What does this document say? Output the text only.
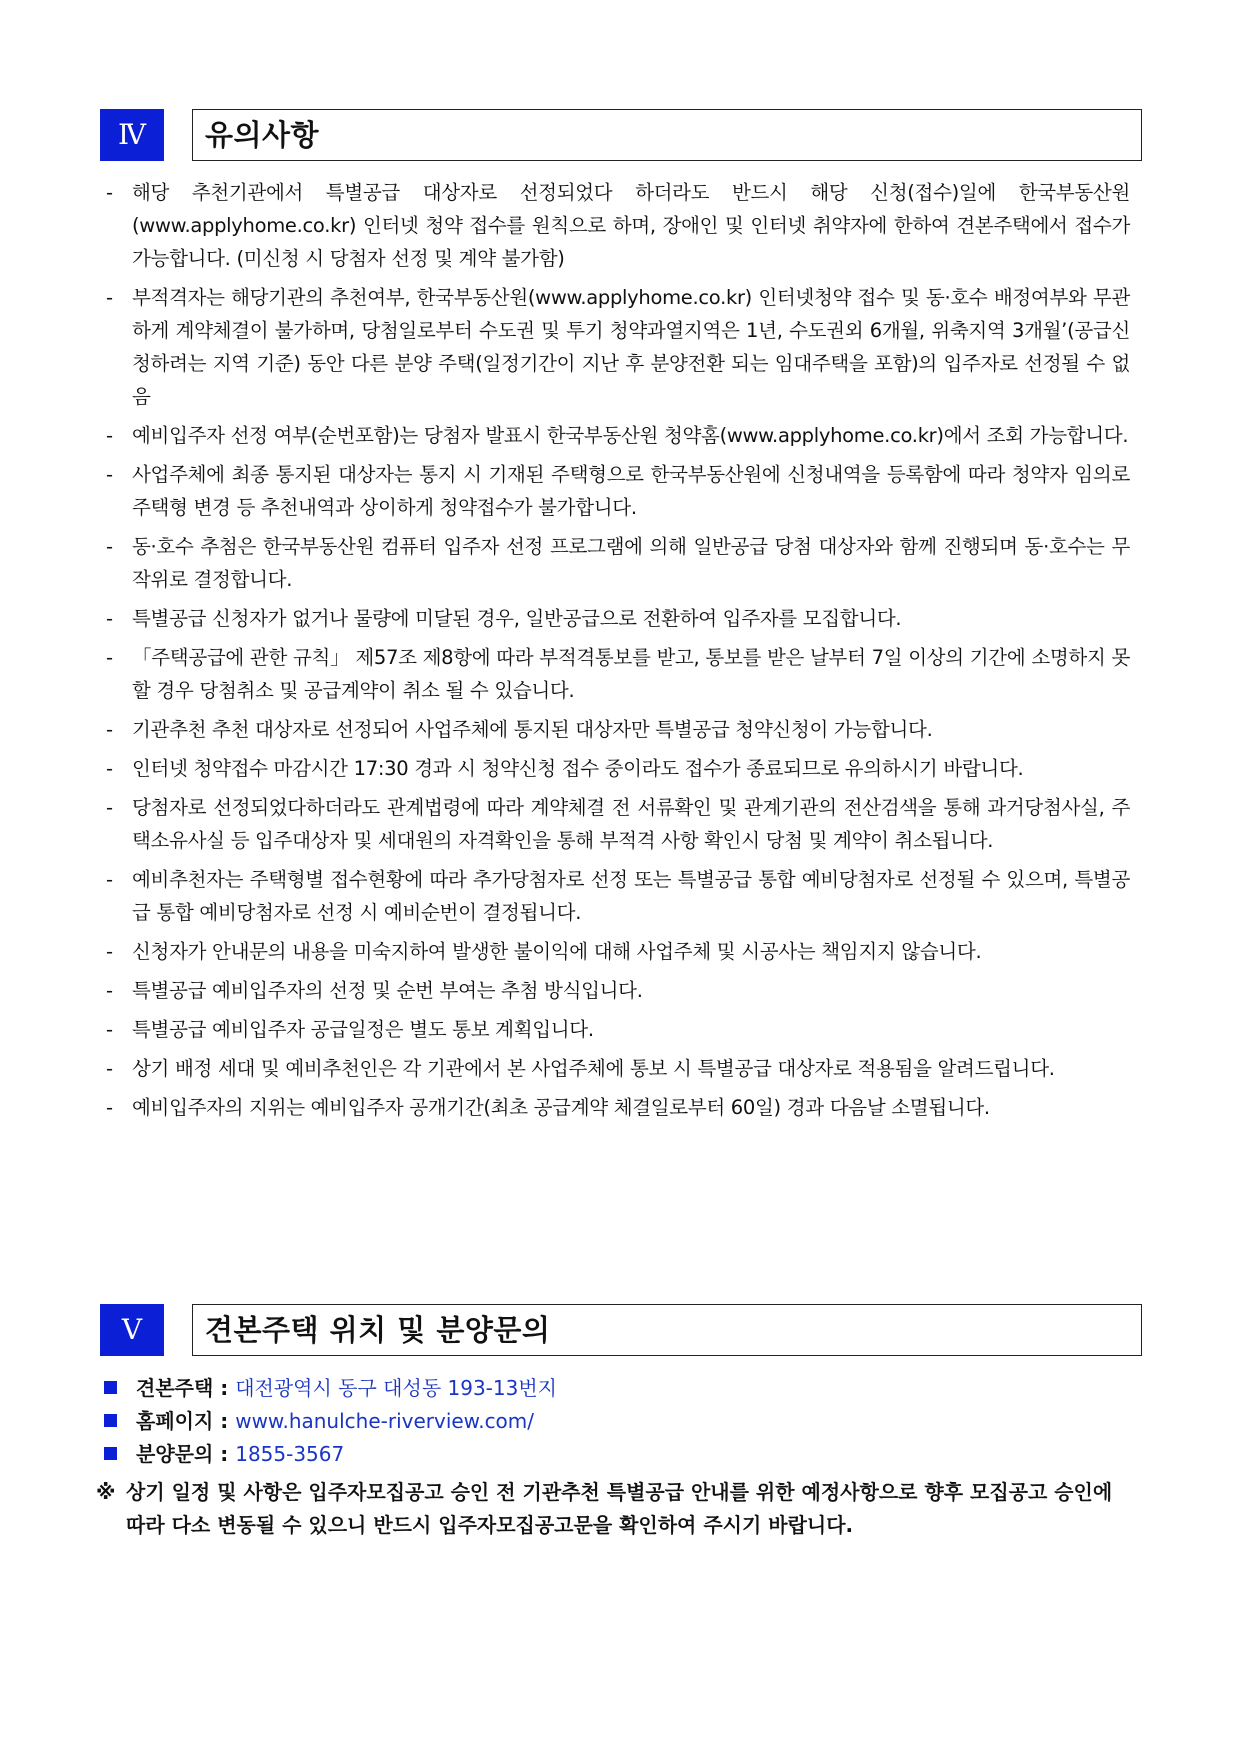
Ⅳ	유의사항
- 해당 추천기관에서 특별공급 대상자로 선정되었다 하더라도 반드시 해당 신청(접수)일에 한국부동산원(www.applyhome.co.kr) 인터넷 청약 접수를 원칙으로 하며, 장애인 및 인터넷 취약자에 한하여 견본주택에서 접수가 가능합니다. (미신청 시 당첨자 선정 및 계약 불가함)
- 부적격자는 해당기관의 추천여부, 한국부동산원(www.applyhome.co.kr) 인터넷청약 접수 및 동·호수 배정여부와 무관하게 계약체결이 불가하며, 당첨일로부터 수도권 및 투기 청약과열지역은 1년, 수도권외 6개월, 위축지역 3개월’(공급신청하려는 지역 기준) 동안 다른 분양 주택(일정기간이 지난 후 분양전환 되는 임대주택을 포함)의 입주자로 선정될 수 없음
- 예비입주자 선정 여부(순번포함)는 당첨자 발표시 한국부동산원 청약홈(www.applyhome.co.kr)에서 조회 가능합니다.
- 사업주체에 최종 통지된 대상자는 통지 시 기재된 주택형으로 한국부동산원에 신청내역을 등록함에 따라 청약자 임의로 주택형 변경 등 추천내역과 상이하게 청약접수가 불가합니다.
- 동·호수 추첨은 한국부동산원 컴퓨터 입주자 선정 프로그램에 의해 일반공급 당첨 대상자와 함께 진행되며 동·호수는 무작위로 결정합니다.
- 특별공급 신청자가 없거나 물량에 미달된 경우, 일반공급으로 전환하여 입주자를 모집합니다.
- 「주택공급에 관한 규칙」 제57조 제8항에 따라 부적격통보를 받고, 통보를 받은 날부터 7일 이상의 기간에 소명하지 못할 경우 당첨취소 및 공급계약이 취소 될 수 있습니다.
- 기관추천 추천 대상자로 선정되어 사업주체에 통지된 대상자만 특별공급 청약신청이 가능합니다.
- 인터넷 청약접수 마감시간 17:30 경과 시 청약신청 접수 중이라도 접수가 종료되므로 유의하시기 바랍니다.
- 당첨자로 선정되었다하더라도 관계법령에 따라 계약체결 전 서류확인 및 관계기관의 전산검색을 통해 과거당첨사실, 주택소유사실 등 입주대상자 및 세대원의 자격확인을 통해 부적격 사항 확인시 당첨 및 계약이 취소됩니다.
- 예비추천자는 주택형별 접수현황에 따라 추가당첨자로 선정 또는 특별공급 통합 예비당첨자로 선정될 수 있으며, 특별공급 통합 예비당첨자로 선정 시 예비순번이 결정됩니다.
- 신청자가 안내문의 내용을 미숙지하여 발생한 불이익에 대해 사업주체 및 시공사는 책임지지 않습니다.
- 특별공급 예비입주자의 선정 및 순번 부여는 추첨 방식입니다.
- 특별공급 예비입주자 공급일정은 별도 통보 계획입니다.
- 상기 배정 세대 및 예비추천인은 각 기관에서 본 사업주체에 통보 시 특별공급 대상자로 적용됨을 알려드립니다.
- 예비입주자의 지위는 예비입주자 공개기간(최초 공급계약 체결일로부터 60일) 경과 다음날 소멸됩니다.
Ⅴ	견본주택 위치 및 분양문의
견본주택 : 대전광역시 동구 대성동 193-13번지
홈페이지 : www.hanulche-riverview.com/
분양문의 : 1855-3567
※ 상기 일정 및 사항은 입주자모집공고 승인 전 기관추천 특별공급 안내를 위한 예정사항으로 향후 모집공고 승인에 따라 다소 변동될 수 있으니 반드시 입주자모집공고문을 확인하여 주시기 바랍니다.
